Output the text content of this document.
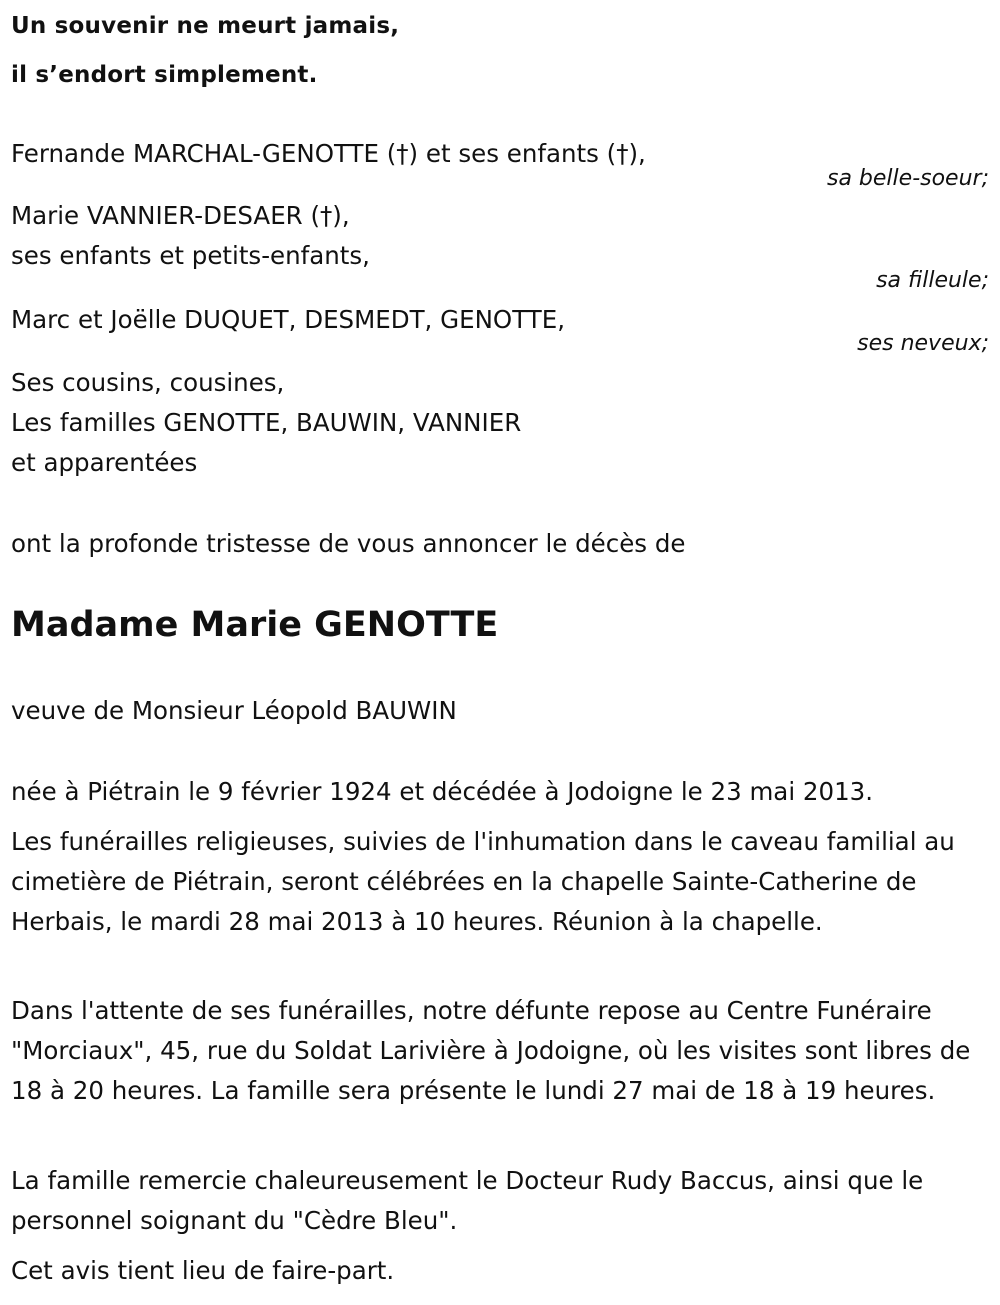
Un souvenir ne meurt jamais,

il s’endort simplement.

Fernande MARCHAL-GENOTTE (†) et ses enfants (†),

sa belle-soeur;

Marie VANNIER-DESAER (†),

ses enfants et petits-enfants,

sa filleule;

Marc et Joëlle DUQUET, DESMEDT, GENOTTE,

ses neveux;

Ses cousins, cousines,

Les familles GENOTTE, BAUWIN, VANNIER

et apparentées

ont la profonde tristesse de vous annoncer le décès de

Madame Marie GENOTTE

veuve de Monsieur Léopold BAUWIN

née à Piétrain le 9 février 1924 et décédée à Jodoigne le 23 mai 2013.

Les funérailles religieuses, suivies de l'inhumation dans le caveau familial au cimetière de Piétrain, seront célébrées en la chapelle Sainte-Catherine de Herbais, le mardi 28 mai 2013 à 10 heures. Réunion à la chapelle.

Dans l'attente de ses funérailles, notre défunte repose au Centre Funéraire "Morciaux", 45, rue du Soldat Larivière à Jodoigne, où les visites sont libres de 18 à 20 heures. La famille sera présente le lundi 27 mai de 18 à 19 heures.

La famille remercie chaleureusement le Docteur Rudy Baccus, ainsi que le personnel soignant du "Cèdre Bleu".

Cet avis tient lieu de faire-part.
